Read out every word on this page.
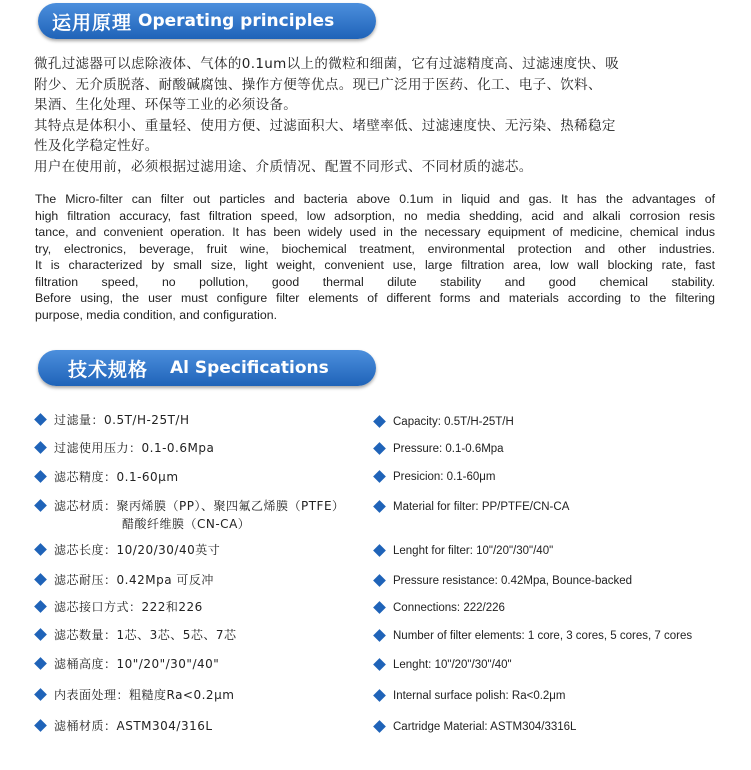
运用原理 Operating principles
微孔过滤器可以虑除液体、气体的0.1um以上的微粒和细菌，它有过滤精度高、过滤速度快、吸
附少、无介质脱落、耐酸碱腐蚀、操作方便等优点。现已广泛用于医药、化工、电子、饮料、
果酒、生化处理、环保等工业的必须设备。
其特点是体积小、重量轻、使用方便、过滤面积大、堵壁率低、过滤速度快、无污染、热稀稳定
性及化学稳定性好。
用户在使用前，必须根据过滤用途、介质情况、配置不同形式、不同材质的滤芯。
The Micro-filter can filter out particles and bacteria above 0.1um in liquid and gas. It has the advantages of
high filtration accuracy, fast filtration speed, low adsorption, no media shedding, acid and alkali corrosion resis
tance, and convenient operation. It has been widely used in the necessary equipment of medicine, chemical indus
try, electronics, beverage, fruit wine, biochemical treatment, environmental protection and other industries.
It is characterized by small size, light weight, convenient use, large filtration area, low wall blocking rate, fast
filtration speed, no pollution, good thermal dilute stability and good chemical stability.
Before using, the user must configure filter elements of different forms and materials according to the filtering
purpose, media condition, and configuration.
技术规格 Al Specifications
过滤量：0.5T/H-25T/H
过滤使用压力：0.1-0.6Mpa
滤芯精度：0.1-60μm
滤芯材质：聚丙烯膜（PP）、聚四氟乙烯膜（PTFE）
醋酸纤维膜（CN-CA）
滤芯长度：10/20/30/40英寸
滤芯耐压：0.42Mpa 可反冲
滤芯接口方式：222和226
滤芯数量：1芯、3芯、5芯、7芯
滤桶高度：10"/20"/30"/40"
内表面处理：粗糙度Ra<0.2μm
滤桶材质：ASTM304/316L
Capacity: 0.5T/H-25T/H
Pressure: 0.1-0.6Mpa
Presicion: 0.1-60μm
Material for filter: PP/PTFE/CN-CA
Lenght for filter: 10"/20"/30"/40"
Pressure resistance: 0.42Mpa, Bounce-backed
Connections: 222/226
Number of filter elements: 1 core, 3 cores, 5 cores, 7 cores
Lenght: 10"/20"/30"/40"
Internal surface polish: Ra<0.2μm
Cartridge Material: ASTM304/3316L
